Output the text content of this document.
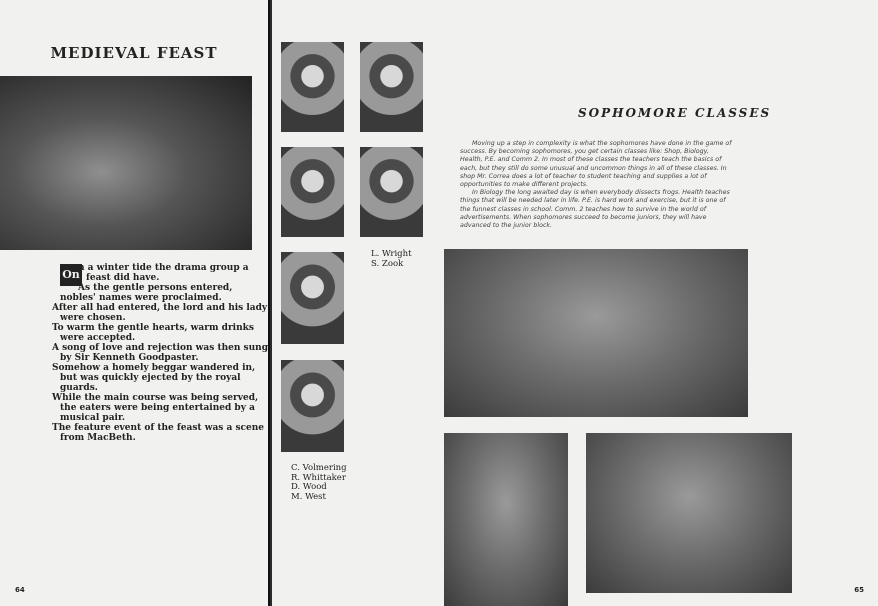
MEDIEVAL FEAST

On
n a winter tide the drama group a feast did have.

As the gentle persons entered, nobles' names were proclaimed.

After all had entered, the lord and his lady were chosen.

To warm the gentle hearts, warm drinks were accepted.

A song of love and rejection was then sung by Sir Kenneth Goodpaster.

Somehow a homely beggar wandered in, but was quickly ejected by the royal guards.

While the main course was being served, the eaters were being entertained by a musical pair.

The feature event of the feast was a scene from MacBeth.

64
L. Wright
S. Zook
C. Volmering
R. Whittaker
D. Wood
M. West
SOPHOMORE CLASSES

Moving up a step in complexity is what the sophomores have done in the game of success. By becoming sophomores, you get certain classes like: Shop, Biology, Health, P.E. and Comm 2. In most of these classes the teachers teach the basics of each, but they still do some unusual and uncommon things in all of these classes. In shop Mr. Correa does a lot of teacher to student teaching and supplies a lot of opportunities to make different projects.

In Biology the long awaited day is when everybody dissects frogs. Health teaches things that will be needed later in life. P.E. is hard work and exercise, but it is one of the funnest classes in school. Comm. 2 teaches how to survive in the world of advertisements. When sophomores succeed to become juniors, they will have advanced to the junior block.

65
